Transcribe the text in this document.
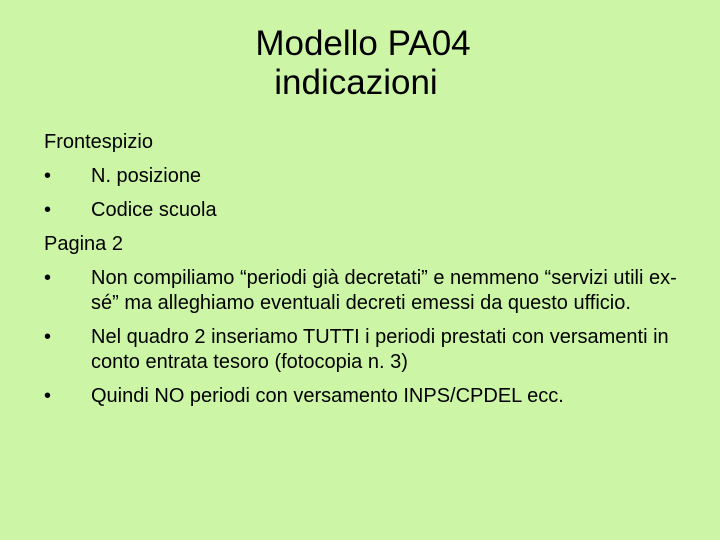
Modello PA04
indicazioni
Frontespizio
•	N. posizione
•	Codice scuola
Pagina 2
•	Non compiliamo “periodi già decretati” e nemmeno “servizi utili ex-sé” ma alleghiamo eventuali decreti emessi da questo ufficio.
•	Nel quadro 2 inseriamo TUTTI i periodi prestati con versamenti in conto entrata tesoro (fotocopia n. 3)
•	Quindi NO periodi con versamento INPS/CPDEL ecc.
